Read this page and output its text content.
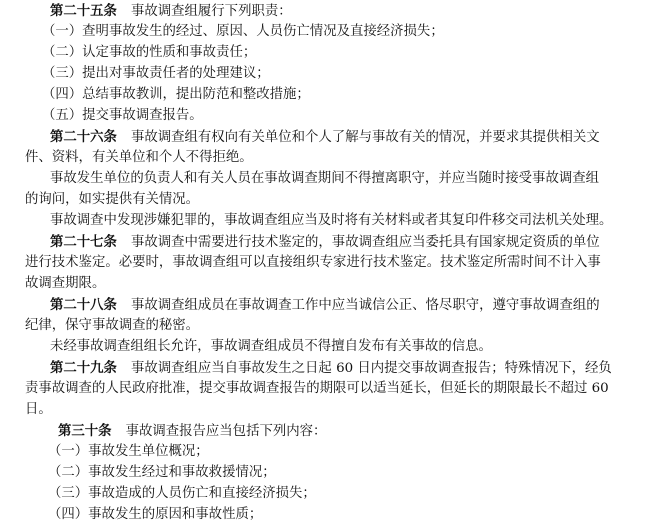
第二十五条 事故调查组履行下列职责：
（一）查明事故发生的经过、原因、人员伤亡情况及直接经济损失；
（二）认定事故的性质和事故责任；
（三）提出对事故责任者的处理建议；
（四）总结事故教训，提出防范和整改措施；
（五）提交事故调查报告。
第二十六条 事故调查组有权向有关单位和个人了解与事故有关的情况，并要求其提供相关文
件、资料，有关单位和个人不得拒绝。
事故发生单位的负责人和有关人员在事故调查期间不得擅离职守，并应当随时接受事故调查组
的询问，如实提供有关情况。
事故调查中发现涉嫌犯罪的，事故调查组应当及时将有关材料或者其复印件移交司法机关处理。
第二十七条 事故调查中需要进行技术鉴定的，事故调查组应当委托具有国家规定资质的单位
进行技术鉴定。必要时，事故调查组可以直接组织专家进行技术鉴定。技术鉴定所需时间不计入事
故调查期限。
第二十八条 事故调查组成员在事故调查工作中应当诚信公正、恪尽职守，遵守事故调查组的
纪律，保守事故调查的秘密。
未经事故调查组组长允许，事故调查组成员不得擅自发布有关事故的信息。
第二十九条 事故调查组应当自事故发生之日起 60 日内提交事故调查报告；特殊情况下，经负
责事故调查的人民政府批准，提交事故调查报告的期限可以适当延长，但延长的期限最长不超过 60
日。
第三十条 事故调查报告应当包括下列内容：
（一）事故发生单位概况；
（二）事故发生经过和事故救援情况；
（三）事故造成的人员伤亡和直接经济损失；
（四）事故发生的原因和事故性质；
